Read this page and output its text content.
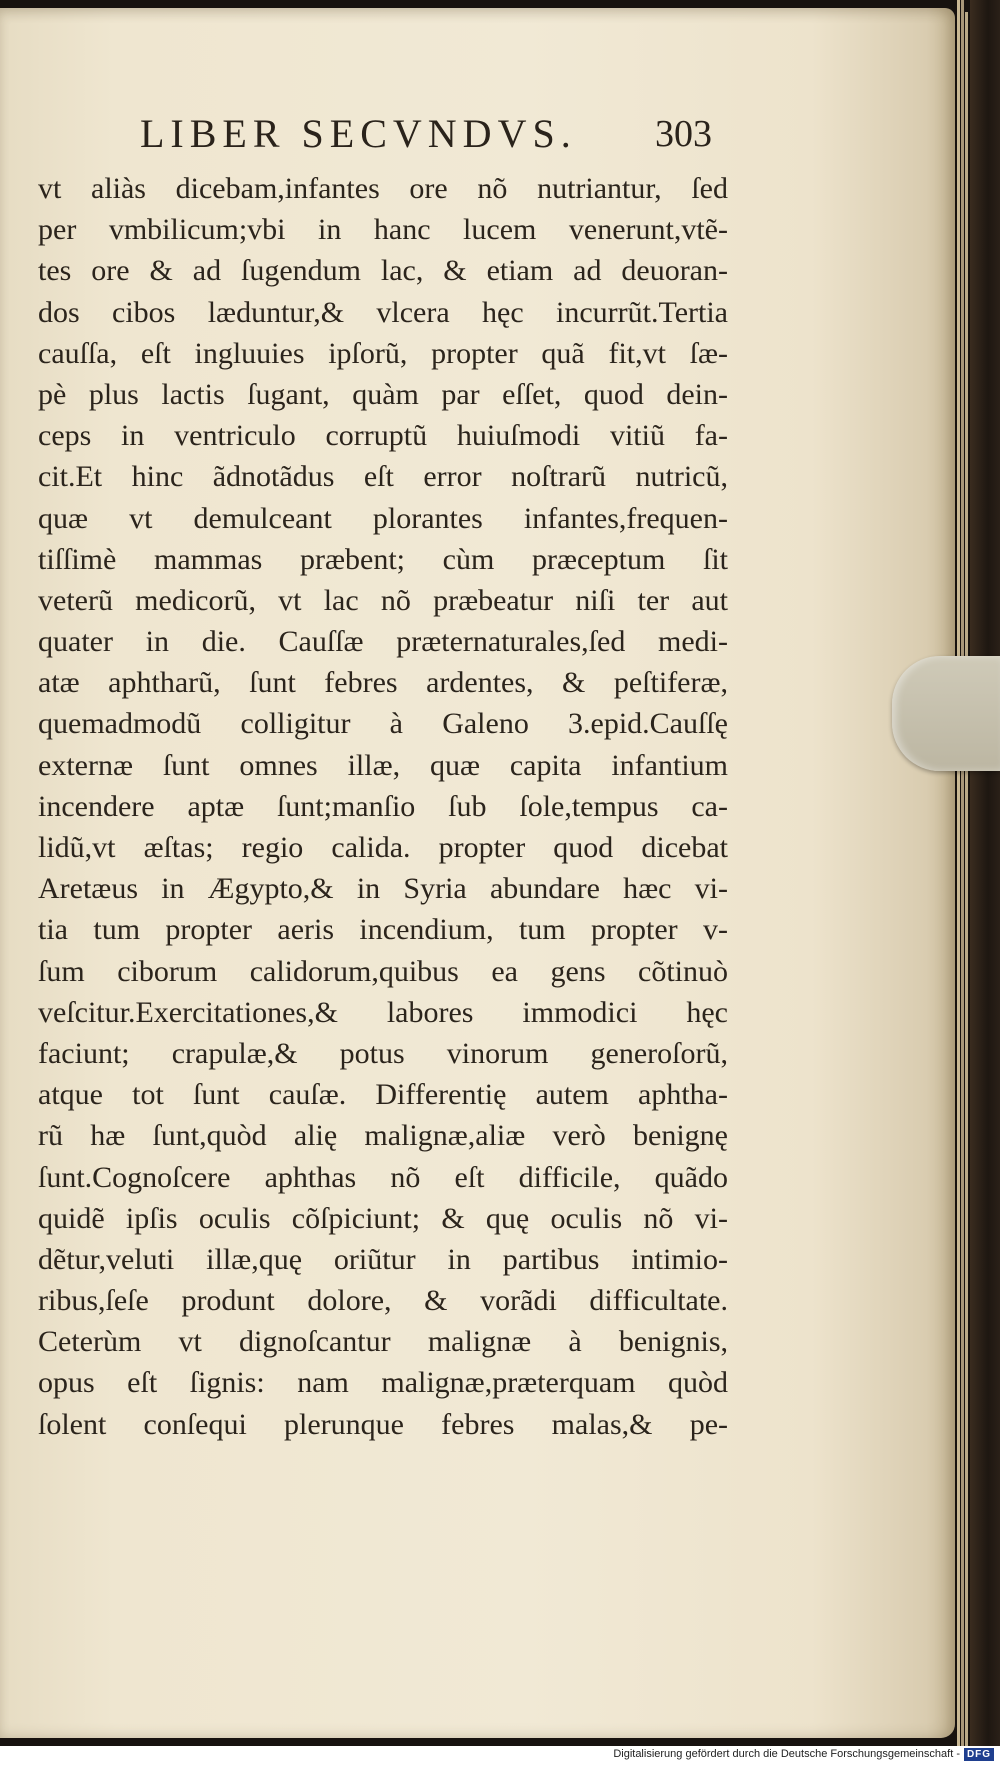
LIBER SECVNDVS.	303
vt aliàs dicebam,infantes ore nõ nutriantur, ſed
per vmbilicum;vbi in hanc lucem venerunt,vtẽ-
tes ore & ad ſugendum lac, & etiam ad deuoran-
dos cibos læduntur,& vlcera hęc incurrũt.Tertia
cauſſa, eſt ingluuies ipſorũ, propter quã fit,vt ſæ-
pè plus lactis ſugant, quàm par eſſet, quod dein-
ceps in ventriculo corruptũ huiuſmodi vitiũ fa-
cit.Et hinc ãdnotãdus eſt error noſtrarũ nutricũ,
quæ vt demulceant plorantes infantes,frequen-
tiſſimè mammas præbent; cùm præceptum ſit
veterũ medicorũ, vt lac nõ præbeatur niſi ter aut
quater in die. Cauſſæ præternaturales,ſed medi-
atæ aphtharũ, ſunt febres ardentes, & peſtiferæ,
quemadmodũ colligitur à Galeno 3.epid.Cauſſę
externæ ſunt omnes illæ, quæ capita infantium
incendere aptæ ſunt;manſio ſub ſole,tempus ca-
lidũ,vt æſtas; regio calida. propter quod dicebat
Aretæus in Ægypto,& in Syria abundare hæc vi-
tia tum propter aeris incendium, tum propter v-
ſum ciborum calidorum,quibus ea gens cõtinuò
veſcitur.Exercitationes,& labores immodici hęc
faciunt; crapulæ,& potus vinorum generoſorũ,
atque tot ſunt cauſæ. Differentię autem aphtha-
rũ hæ ſunt,quòd alię malignæ,aliæ verò benignę
ſunt.Cognoſcere aphthas nõ eſt difficile, quãdo
quidẽ ipſis oculis cõſpiciunt; & quę oculis nõ vi-
dẽtur,veluti illæ,quę oriũtur in partibus intimio-
ribus,ſeſe produnt dolore, & vorãdi difficultate.
Ceterùm vt dignoſcantur malignæ à benignis,
opus eſt ſignis: nam malignæ,præterquam quòd
ſolent conſequi plerunque febres malas,& pe-
Digitalisierung gefördert durch die Deutsche Forschungsgemeinschaft - DFG
